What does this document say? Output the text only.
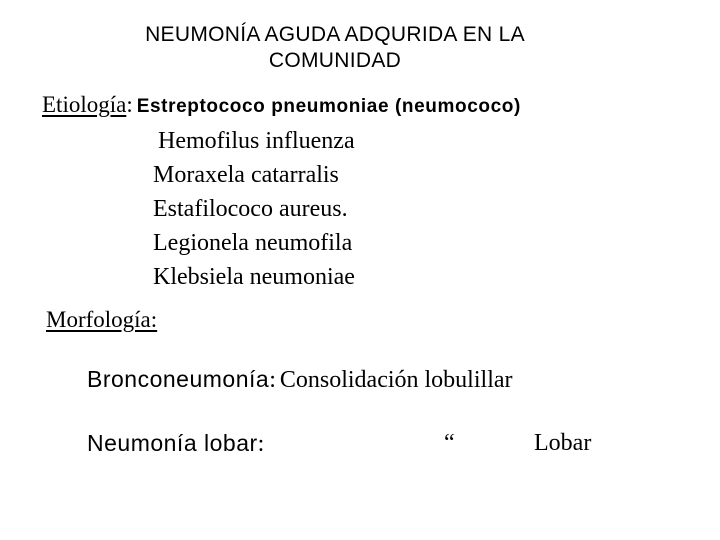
NEUMONÍA AGUDA ADQURIDA EN LA
COMUNIDAD
Etiología: Estreptococo pneumoniae (neumococo)
Hemofilus influenza
Moraxela catarralis
Estafilococo aureus.
Legionela neumofila
Klebsiela neumoniae
Morfología:
Bronconeumonía: Consolidación lobulillar
Neumonía lobar:	“	Lobar
